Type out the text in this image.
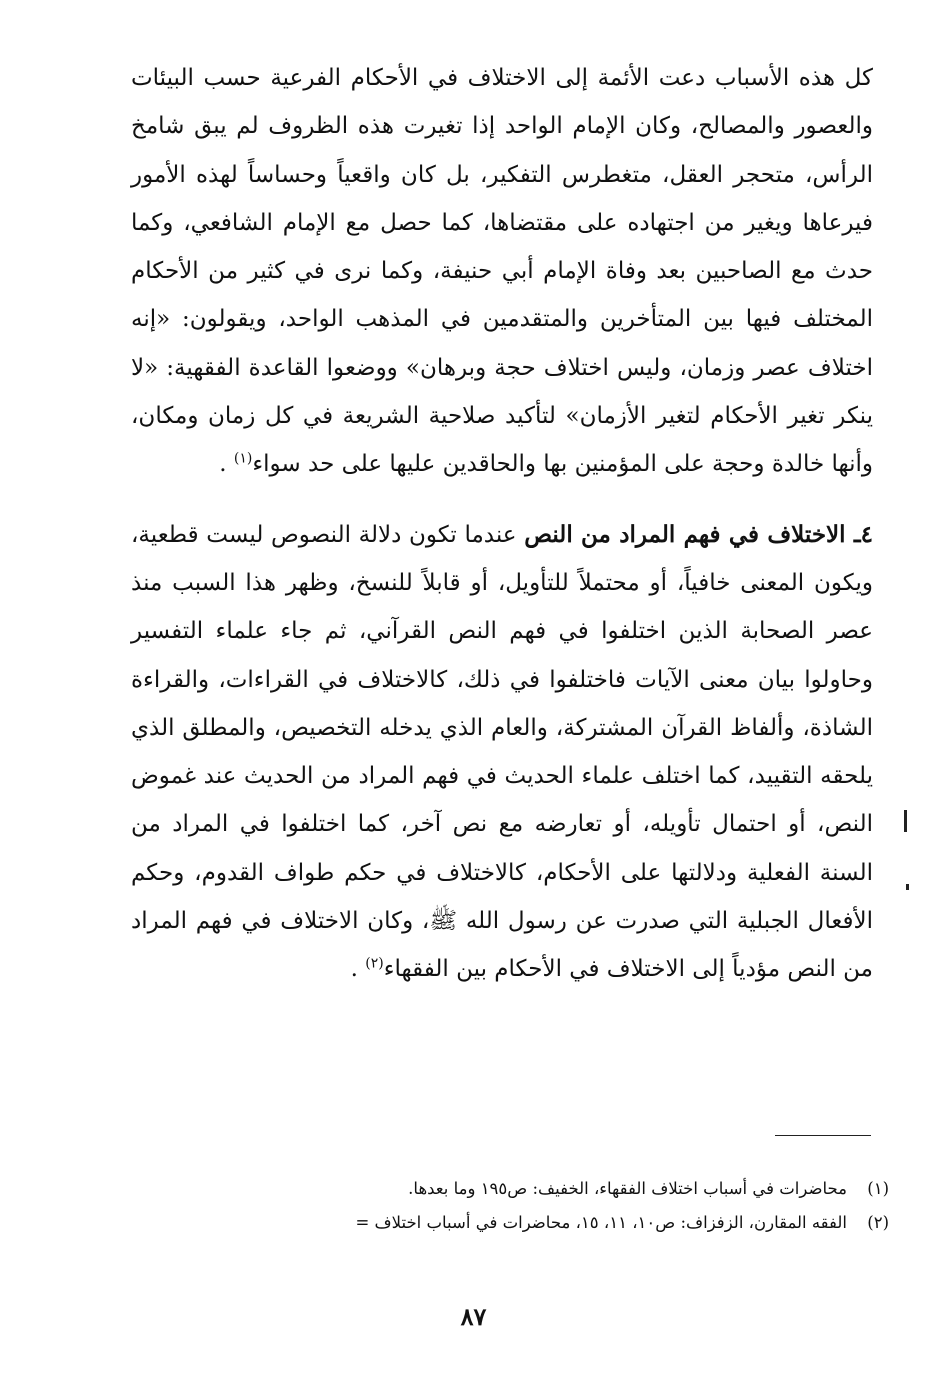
كل هذه الأسباب دعت الأئمة إلى الاختلاف في الأحكام الفرعية حسب البيئات والعصور والمصالح، وكان الإمام الواحد إذا تغيرت هذه الظروف لم يبق شامخ الرأس، متحجر العقل، متغطرس التفكير، بل كان واقعياً وحساساً لهذه الأمور فيرعاها ويغير من اجتهاده على مقتضاها، كما حصل مع الإمام الشافعي، وكما حدث مع الصاحبين بعد وفاة الإمام أبي حنيفة، وكما نرى في كثير من الأحكام المختلف فيها بين المتأخرين والمتقدمين في المذهب الواحد، ويقولون: «إنه اختلاف عصر وزمان، وليس اختلاف حجة وبرهان» ووضعوا القاعدة الفقهية: «لا ينكر تغير الأحكام لتغير الأزمان» لتأكيد صلاحية الشريعة في كل زمان ومكان، وأنها خالدة وحجة على المؤمنين بها والحاقدين عليها على حد سواء$^{(١)}$ .

٤ـ الاختلاف في فهم المراد من النص عندما تكون دلالة النصوص ليست قطعية، ويكون المعنى خافياً، أو محتملاً للتأويل، أو قابلاً للنسخ، وظهر هذا السبب منذ عصر الصحابة الذين اختلفوا في فهم النص القرآني، ثم جاء علماء التفسير وحاولوا بيان معنى الآيات فاختلفوا في ذلك، كالاختلاف في القراءات، والقراءة الشاذة، وألفاظ القرآن المشتركة، والعام الذي يدخله التخصيص، والمطلق الذي يلحقه التقييد، كما اختلف علماء الحديث في فهم المراد من الحديث عند غموض النص، أو احتمال تأويله، أو تعارضه مع نص آخر، كما اختلفوا في المراد من السنة الفعلية ودلالتها على الأحكام، كالاختلاف في حكم طواف القدوم، وحكم الأفعال الجبلية التي صدرت عن رسول الله ﷺ، وكان الاختلاف في فهم المراد من النص مؤدياً إلى الاختلاف في الأحكام بين الفقهاء$^{(٢)}$ .

(١)
محاضرات في أسباب اختلاف الفقهاء، الخفيف: ص١٩٥ وما بعدها.

(٢)
الفقه المقارن، الزفزاف: ص١٠، ١١، ١٥، محاضرات في أسباب اختلاف =

٨٧
